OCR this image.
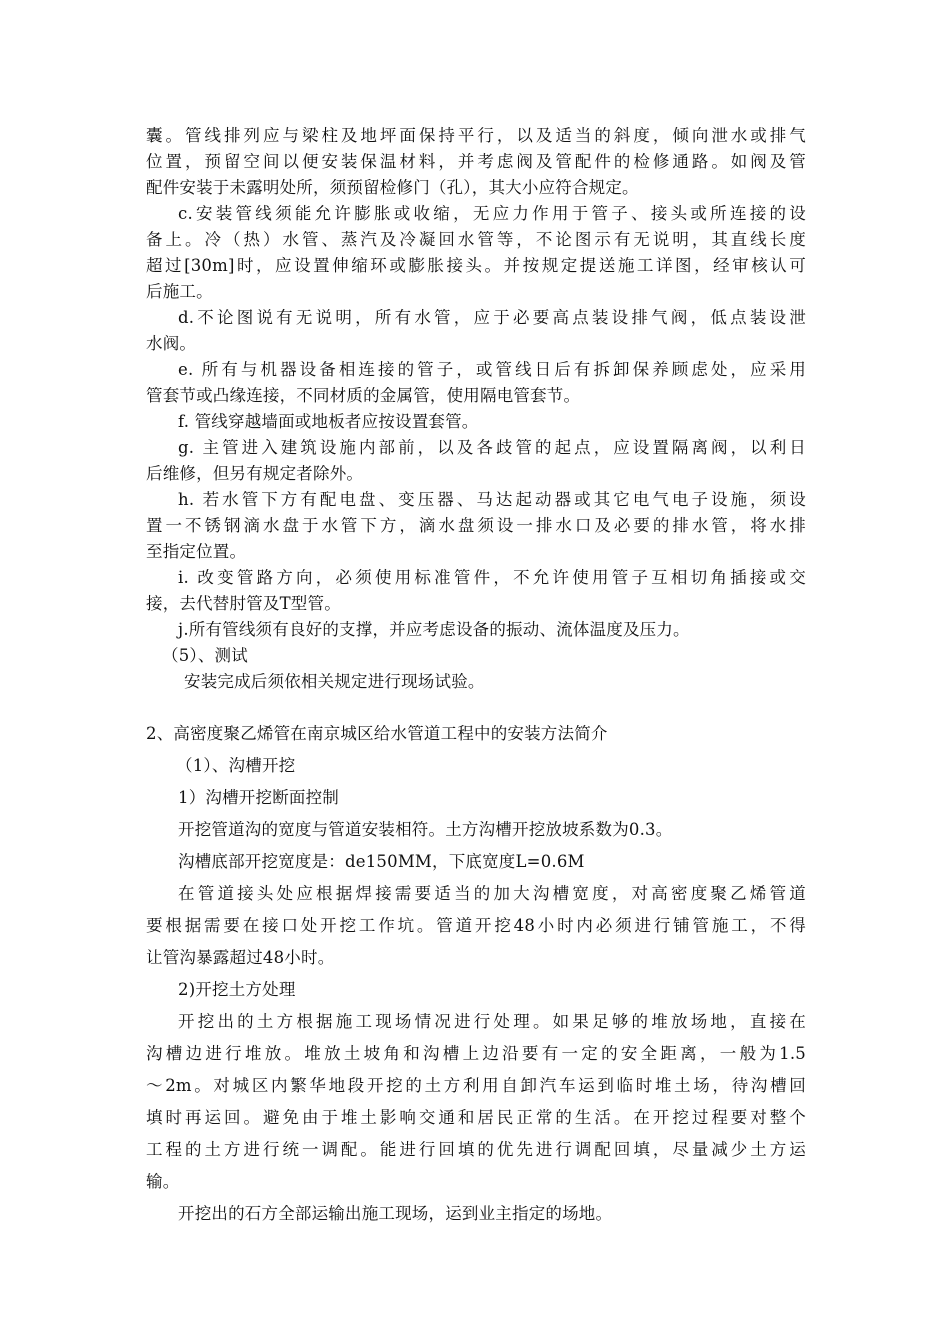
囊。管线排列应与梁柱及地坪面保持平行，以及适当的斜度，倾向泄水或排气
位置，预留空间以便安装保温材料，并考虑阀及管配件的检修通路。如阀及管
配件安装于未露明处所，须预留检修门（孔），其大小应符合规定。
c.安装管线须能允许膨胀或收缩，无应力作用于管子、接头或所连接的设
备上。冷（热）水管、蒸汽及冷凝回水管等，不论图示有无说明，其直线长度
超过[30m]时，应设置伸缩环或膨胀接头。并按规定提送施工详图，经审核认可
后施工。
d.不论图说有无说明，所有水管，应于必要高点装设排气阀，低点装设泄
水阀。
e. 所有与机器设备相连接的管子，或管线日后有拆卸保养顾虑处，应采用
管套节或凸缘连接，不同材质的金属管，使用隔电管套节。
f. 管线穿越墙面或地板者应按设置套管。
g. 主管进入建筑设施内部前，以及各歧管的起点，应设置隔离阀，以利日
后维修，但另有规定者除外。
h. 若水管下方有配电盘、变压器、马达起动器或其它电气电子设施，须设
置一不锈钢滴水盘于水管下方，滴水盘须设一排水口及必要的排水管，将水排
至指定位置。
i. 改变管路方向，必须使用标准管件，不允许使用管子互相切角插接或交
接，去代替肘管及T型管。
j.所有管线须有良好的支撑，并应考虑设备的振动、流体温度及压力。
（5）、测试
安装完成后须依相关规定进行现场试验。
2、高密度聚乙烯管在南京城区给水管道工程中的安装方法简介
（1）、沟槽开挖
1）沟槽开挖断面控制
开挖管道沟的宽度与管道安装相符。土方沟槽开挖放坡系数为0.3。
沟槽底部开挖宽度是：de150MM，下底宽度L=0.6M
在管道接头处应根据焊接需要适当的加大沟槽宽度，对高密度聚乙烯管道
要根据需要在接口处开挖工作坑。管道开挖48小时内必须进行铺管施工，不得
让管沟暴露超过48小时。
2)开挖土方处理
开挖出的土方根据施工现场情况进行处理。如果足够的堆放场地，直接在
沟槽边进行堆放。堆放土坡角和沟槽上边沿要有一定的安全距离，一般为1.5
～2m。对城区内繁华地段开挖的土方利用自卸汽车运到临时堆土场，待沟槽回
填时再运回。避免由于堆土影响交通和居民正常的生活。在开挖过程要对整个
工程的土方进行统一调配。能进行回填的优先进行调配回填，尽量减少土方运
输。
开挖出的石方全部运输出施工现场，运到业主指定的场地。
